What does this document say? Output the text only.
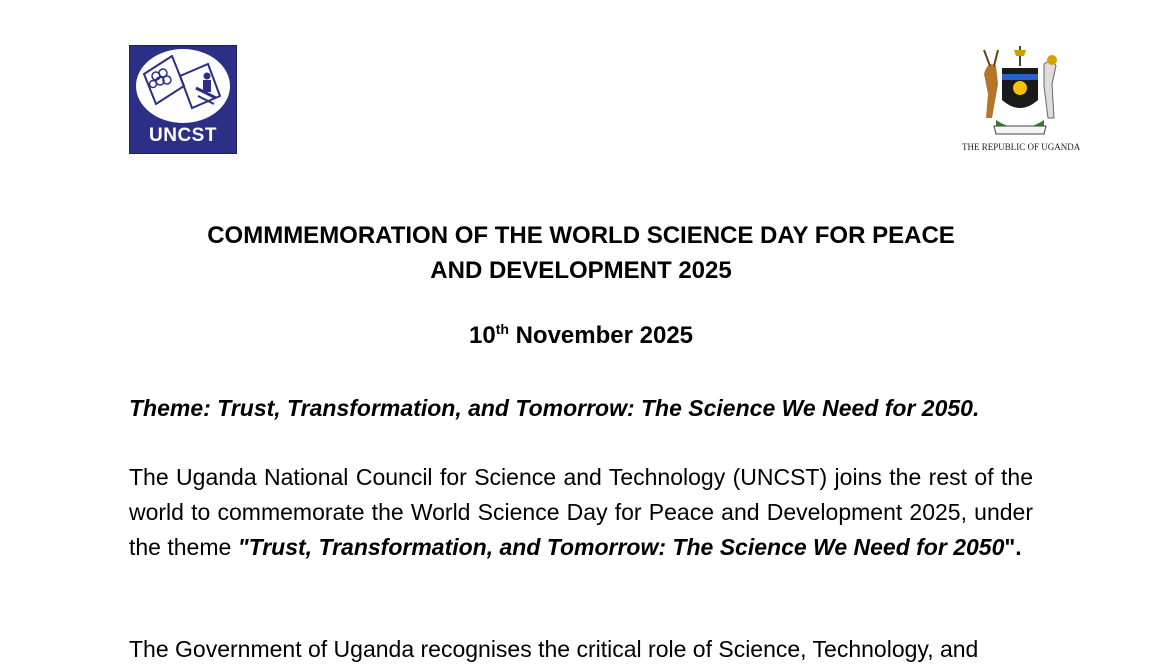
UNCST
THE REPUBLIC OF UGANDA
COMMMEMORATION OF THE WORLD SCIENCE DAY FOR PEACE
AND DEVELOPMENT 2025
10th November 2025
Theme: Trust, Transformation, and Tomorrow: The Science We Need for 2050.

The Uganda National Council for Science and Technology (UNCST) joins the rest of the world to commemorate the World Science Day for Peace and Development 2025, under the theme "Trust, Transformation, and Tomorrow: The Science We Need for 2050".

The Government of Uganda recognises the critical role of Science, Technology, and
